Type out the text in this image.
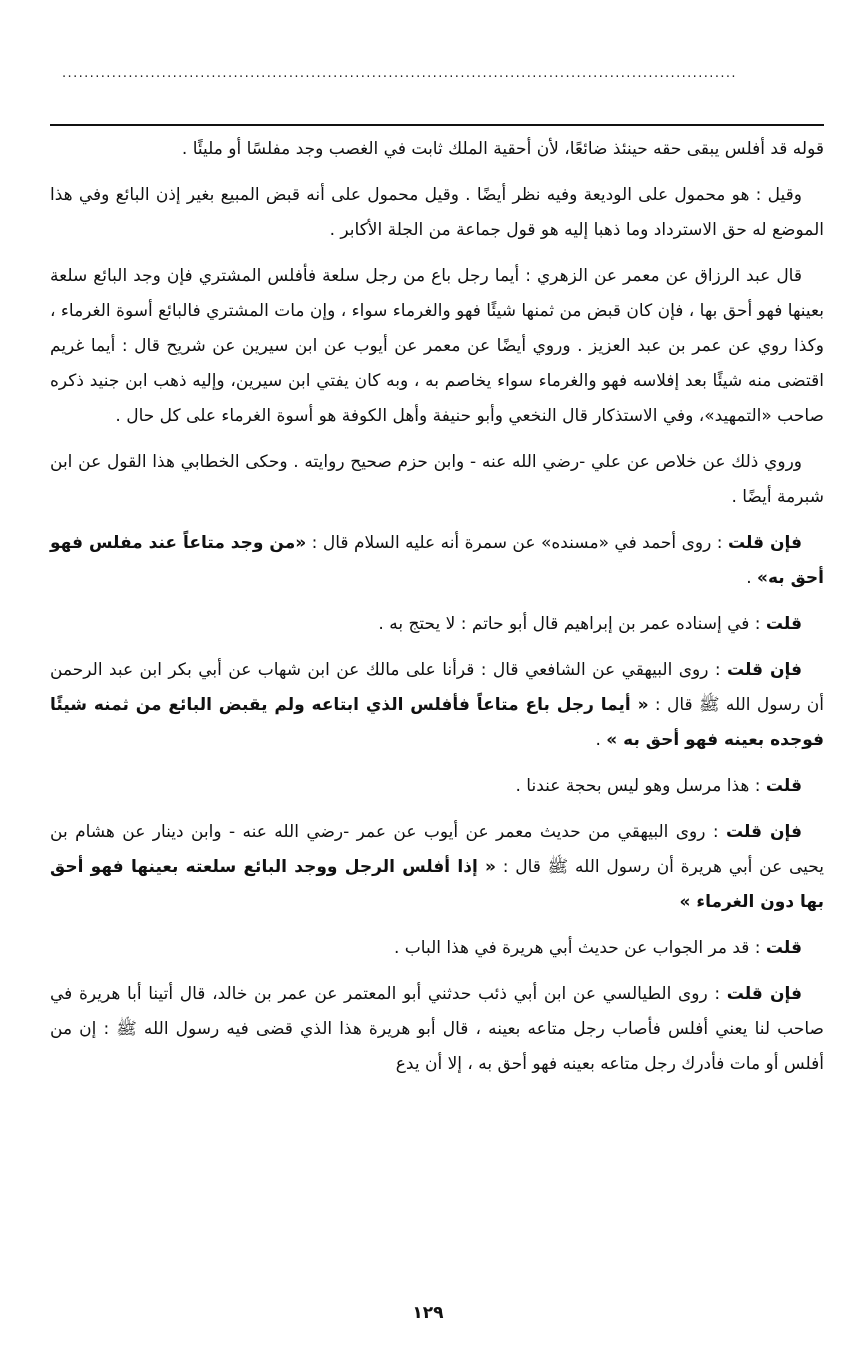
..........................................................................................................................

قوله قد أفلس يبقى حقه حينئذ ضائعًا، لأن أحقية الملك ثابت في الغصب وجد مفلسًا أو مليئًا .

وقيل : هو محمول على الوديعة وفيه نظر أيضًا . وقيل محمول على أنه قبض المبيع بغير إذن البائع وفي هذا الموضع له حق الاسترداد وما ذهبا إليه هو قول جماعة من الجلة الأكابر .

قال عبد الرزاق عن معمر عن الزهري : أيما رجل باع من رجل سلعة فأفلس المشتري فإن وجد البائع سلعة بعينها فهو أحق بها ، فإن كان قبض من ثمنها شيئًا فهو والغرماء سواء ، وإن مات المشتري فالبائع أسوة الغرماء ، وكذا روي عن عمر بن عبد العزيز . وروي أيضًا عن معمر عن أيوب عن ابن سيرين عن شريح قال : أيما غريم اقتضى منه شيئًا بعد إفلاسه فهو والغرماء سواء يخاصم به ، وبه كان يفتي ابن سيرين، وإليه ذهب ابن جنيد ذكره صاحب «التمهيد»، وفي الاستذكار قال النخعي وأبو حنيفة وأهل الكوفة هو أسوة الغرماء على كل حال .

وروي ذلك عن خلاص عن علي -رضي الله عنه - وابن حزم صحيح روايته . وحكى الخطابي هذا القول عن ابن شبرمة أيضًا .

فإن قلت : روى أحمد في «مسنده» عن سمرة أنه عليه السلام قال : «من وجد متاعاً عند مفلس فهو أحق به» .

قلت : في إسناده عمر بن إبراهيم قال أبو حاتم : لا يحتج به .

فإن قلت : روى البيهقي عن الشافعي قال : قرأنا على مالك عن ابن شهاب عن أبي بكر ابن عبد الرحمن أن رسول الله ﷺ قال : « أيما رجل باع متاعاً فأفلس الذي ابتاعه ولم يقبض البائع من ثمنه شيئًا فوجده بعينه فهو أحق به » .

قلت : هذا مرسل وهو ليس بحجة عندنا .

فإن قلت : روى البيهقي من حديث معمر عن أيوب عن عمر -رضي الله عنه - وابن دينار عن هشام بن يحيى عن أبي هريرة أن رسول الله ﷺ قال : « إذا أفلس الرجل ووجد البائع سلعته بعينها فهو أحق بها دون الغرماء »

قلت : قد مر الجواب عن حديث أبي هريرة في هذا الباب .

فإن قلت : روى الطيالسي عن ابن أبي ذئب حدثني أبو المعتمر عن عمر بن خالد، قال أتينا أبا هريرة في صاحب لنا يعني أفلس فأصاب رجل متاعه بعينه ، قال أبو هريرة هذا الذي قضى فيه رسول الله ﷺ : إن من أفلس أو مات فأدرك رجل متاعه بعينه فهو أحق به ، إلا أن يدع

١٢٩
